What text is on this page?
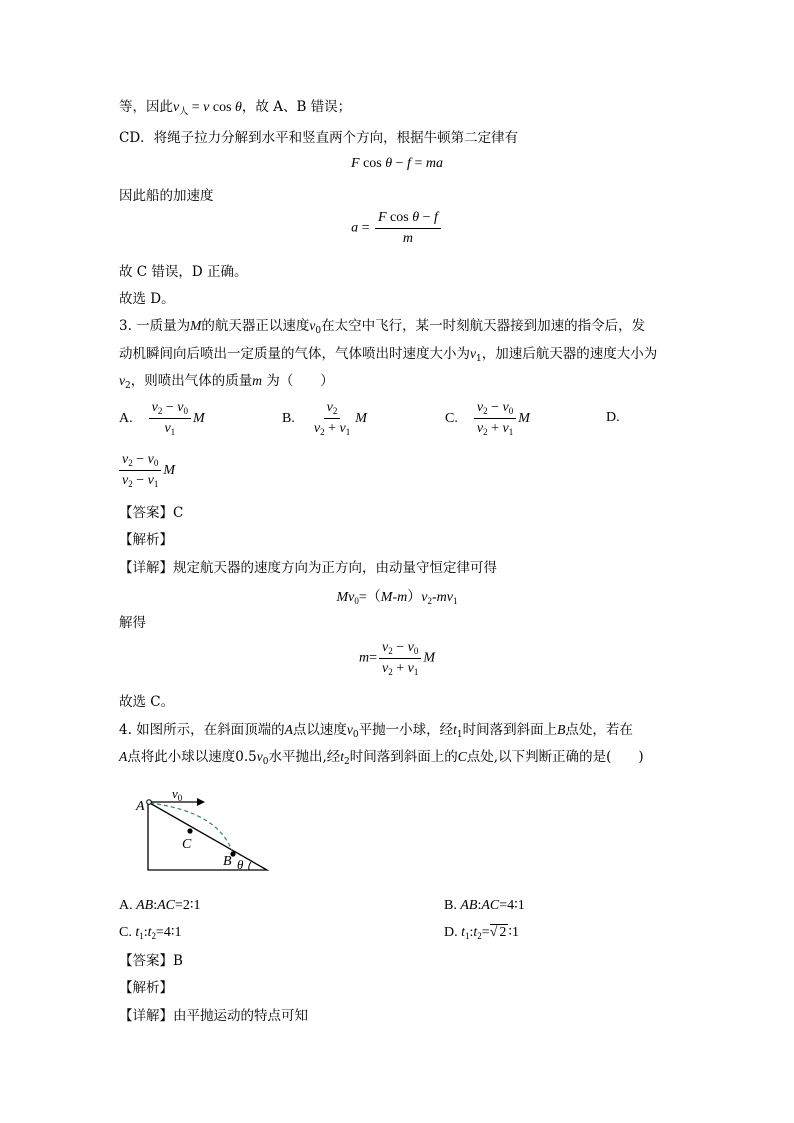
等，因此$v_人 = v$ cos θ，故 A、B 错误；
CD．将绳子拉力分解到水平和竖直两个方向，根据牛顿第二定律有
F cos θ − f = ma
因此船的加速度
$a = \frac{\text{F cos θ − f}}{m}$
故 C 错误，D 正确。
故选 D。
3. 一质量为M的航天器正以速度$v_0$在太空中飞行，某一时刻航天器接到加速的指令后，发
动机瞬间向后喷出一定质量的气体，气体喷出时速度大小为$v_1$，加速后航天器的速度大小为
$v_2$，则喷出气体的质量m 为（　　）
A. $\frac{v_2 - v_0}{v_1}$ M	B. $\frac{v_2}{v_2 + v_1}$ M	C. $\frac{v_2 - v_0}{v_2 + v_1}$ M	D.
$\frac{v_2 - v_0}{v_2 - v_1}$ M
【答案】C
【解析】
【详解】规定航天器的速度方向为正方向，由动量守恒定律可得
$Mv_0=(M-m)v_2-mv_1$
解得
$m= \frac{v_2 - v_0}{v_2 + v_1}$ M
故选 C。
4. 如图所示，在斜面顶端的A点以速度$v_0$平抛一小球，经$t_1$时间落到斜面上B点处，若在
A点将此小球以速度$0.5v_0$水平抛出,经$t_2$时间落到斜面上的C点处,以下判断正确的是(　　)
A
C
B θ
$v_0$
A. AB:AC=2∶1	B. AB:AC=4∶1
C. $t_1:t_2=4∶1$	D. $t_1:t_2=√$ 2 ∶1
【答案】B
【解析】
【详解】由平抛运动的特点可知
